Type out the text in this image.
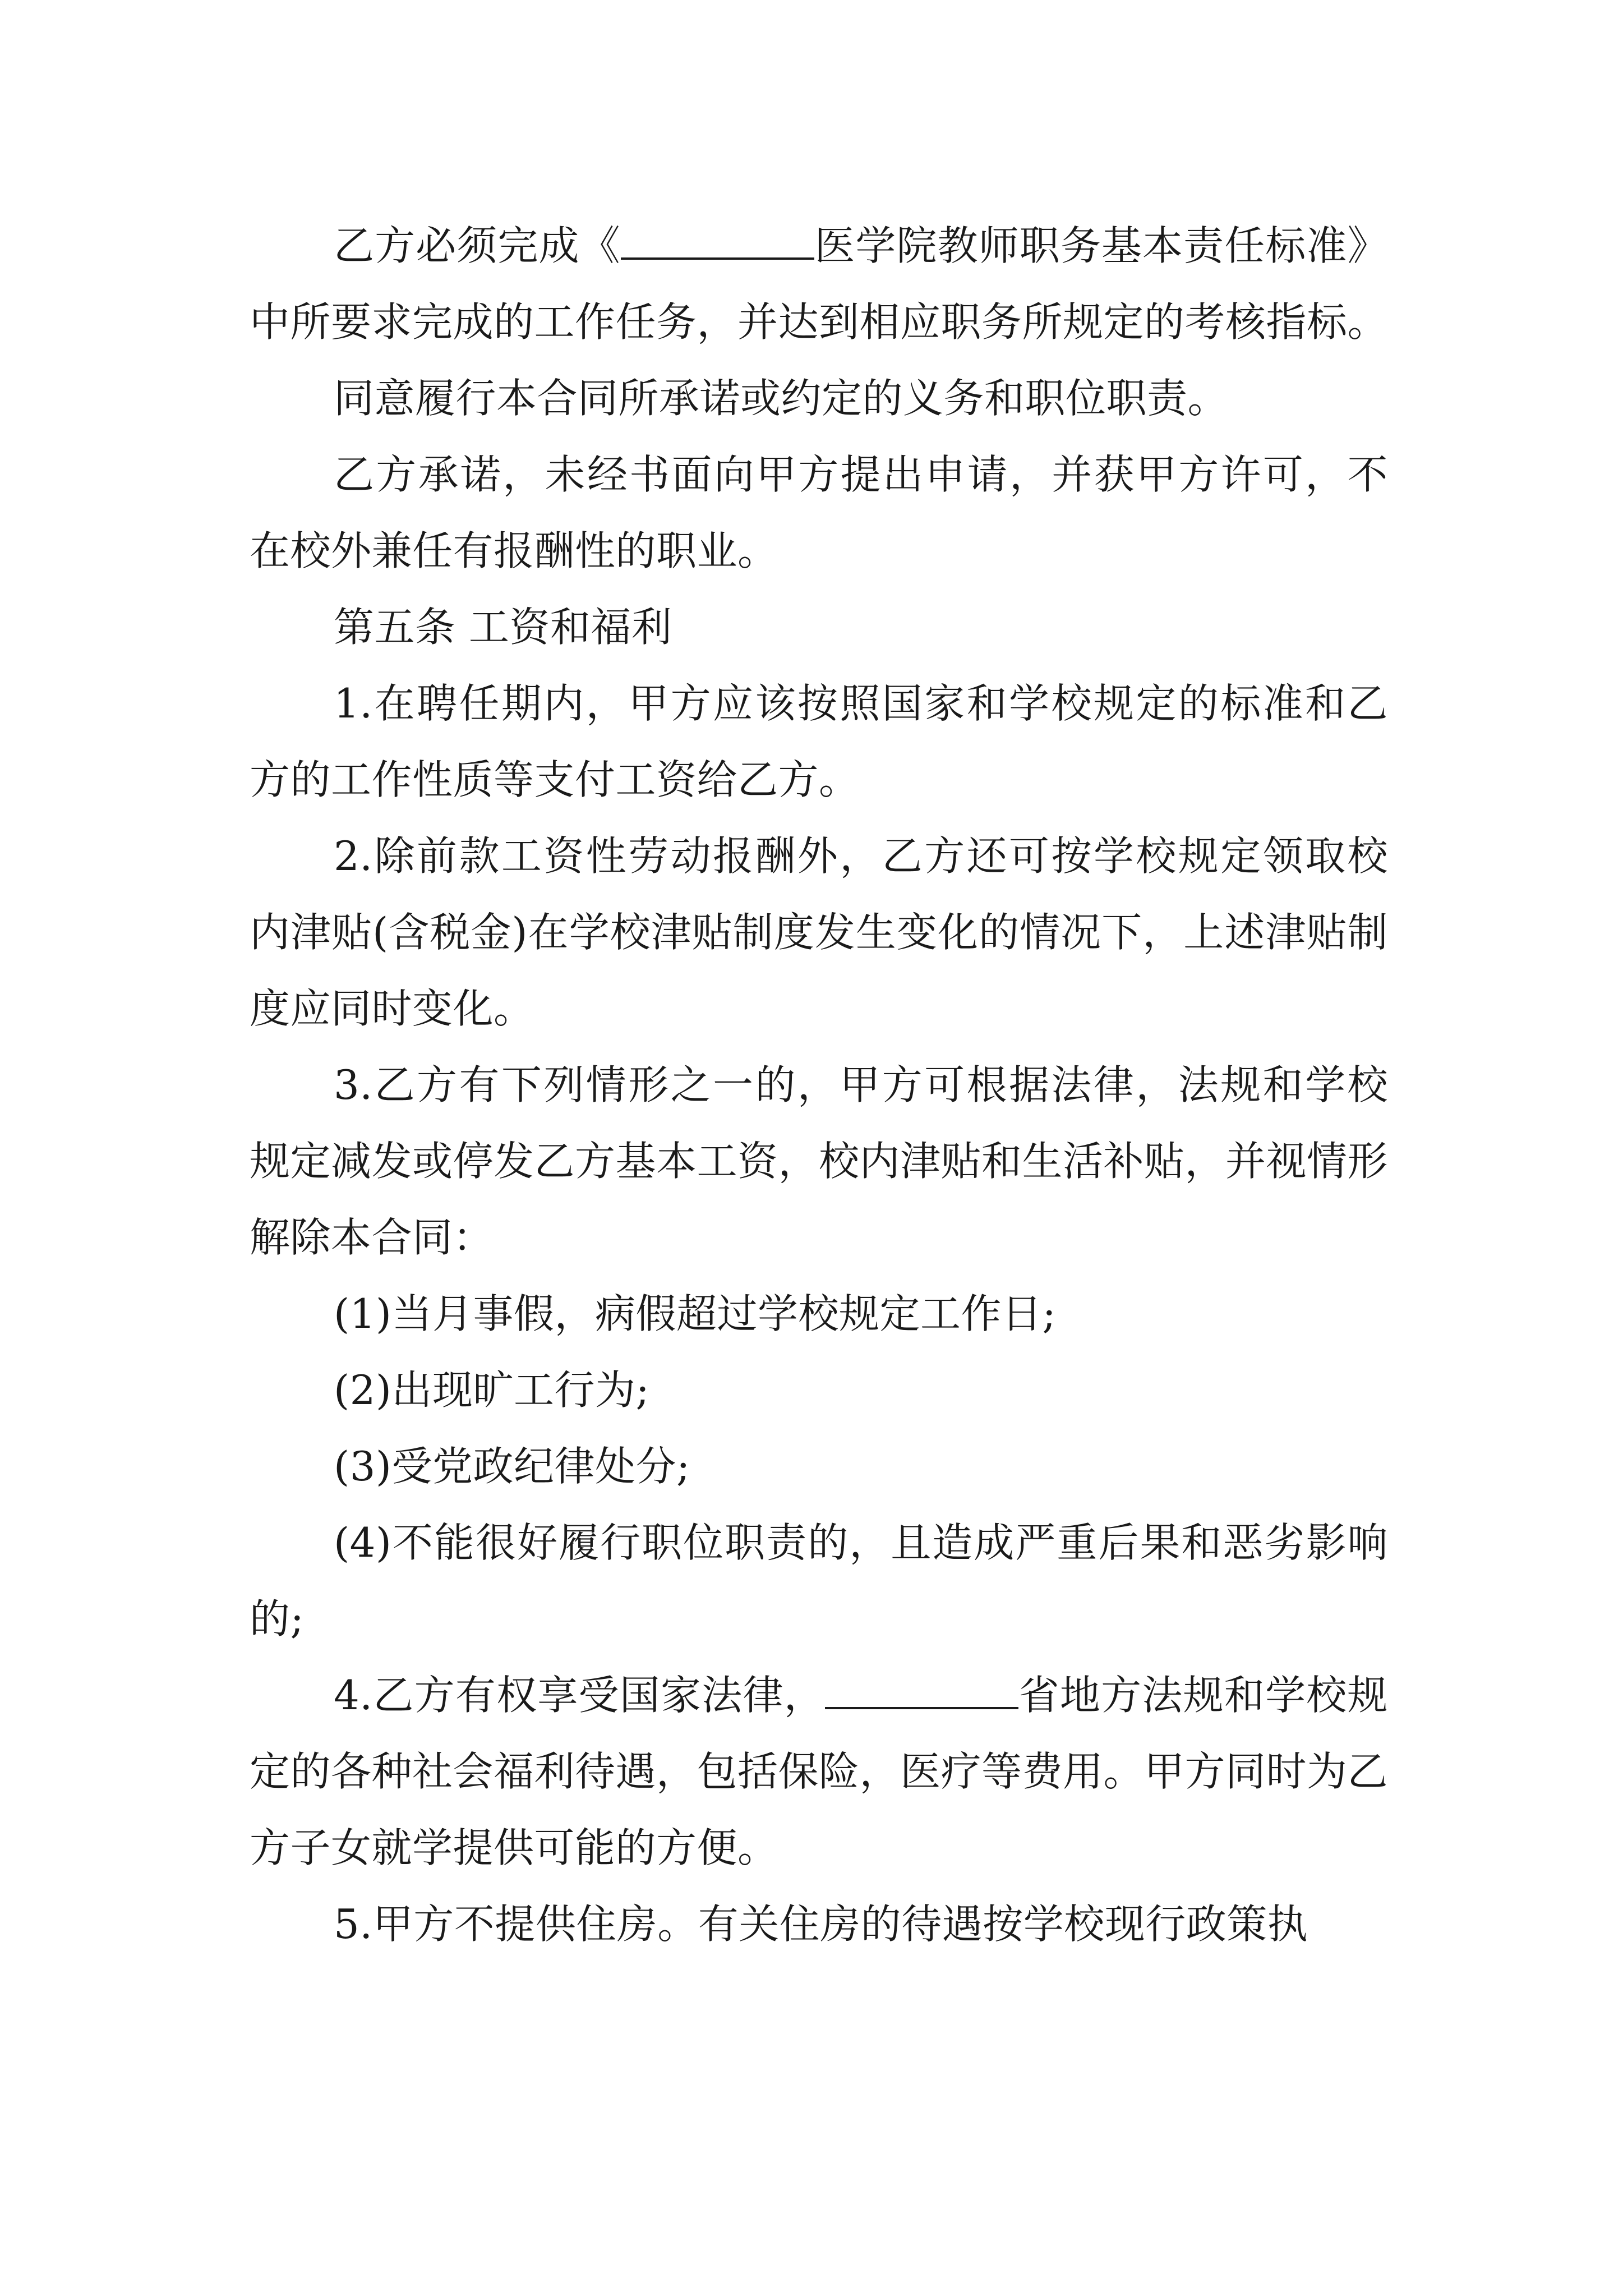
乙方必须完成《	医学院教师职务基本责任标准》中所要求完成的工作任务，并达到相应职务所规定的考核指标。

同意履行本合同所承诺或约定的义务和职位职责。

乙方承诺，未经书面向甲方提出申请，并获甲方许可，不在校外兼任有报酬性的职业。

第五条 工资和福利

1.在聘任期内，甲方应该按照国家和学校规定的标准和乙方的工作性质等支付工资给乙方。

2.除前款工资性劳动报酬外，乙方还可按学校规定领取校内津贴(含税金)在学校津贴制度发生变化的情况下，上述津贴制度应同时变化。

3.乙方有下列情形之一的，甲方可根据法律，法规和学校规定减发或停发乙方基本工资，校内津贴和生活补贴，并视情形解除本合同：

(1)当月事假，病假超过学校规定工作日;

(2)出现旷工行为;

(3)受党政纪律处分;

(4)不能很好履行职位职责的，且造成严重后果和恶劣影响的;

4.乙方有权享受国家法律，	省地方法规和学校规定的各种社会福利待遇，包括保险，医疗等费用。甲方同时为乙方子女就学提供可能的方便。

5.甲方不提供住房。有关住房的待遇按学校现行政策执
